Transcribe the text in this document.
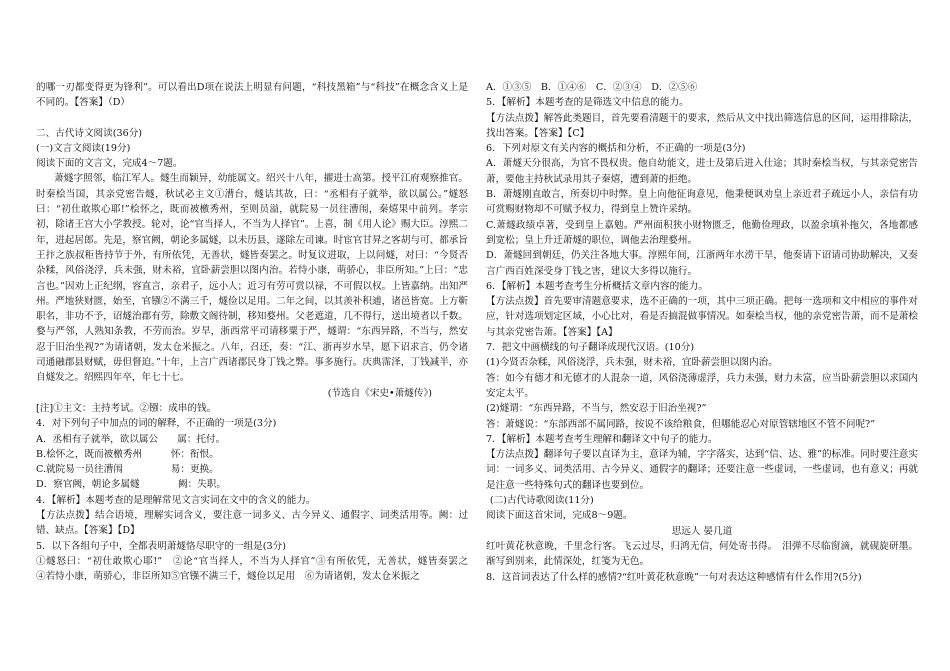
的哪一刃都变得更为锋利”。可以看出D项在说法上明显有问题，“科技黑箱”与“科技”在概念含义上是不同的。【答案】（D）

二、古代诗文阅读(36分)

(一)文言文阅读(19分)

阅读下面的文言文，完成4～7题。

萧燧字照邻，临江军人。燧生而颖异，幼能属文。绍兴十八年，擢进士高第。授平江府观察推官。时秦桧当国，其亲党密告燧，秋试必主文①漕台，燧诘其故，曰：“丞相有子就举，欲以属公。”燧怒曰：“初仕敢欺心耶!”桧怀之，既而被檄秀州，至则员溢，就院易一员往漕闱，秦熺果中前列。孝宗初，除诸王宫大小学教授。轮对，论“官当择人，不当为人择官”。上喜，制《用人论》赐大臣。淳熙二年，进起居郎。先是，察官阙，朝论多属燧，以未历县，遂除左司谏。时宦官甘昇之客胡与可、都承旨王抃之族叔秬皆持节于外，有所依凭，无善状，燧皆奏罢之。时复议进取，上以问燧，对曰：“今贤否杂糅，风俗浇浮，兵未强，财未裕，宜卧薪尝胆以图内治。若恃小康，萌骄心，非臣所知。”上曰：“忠言也。”因劝上正纪纲，容直言，亲君子，远小人；近习有劳可赏以禄，不可假以权。上皆嘉纳。出知严州。严地狭财匮，始至，官镪②不满三千，燧俭以足用。二年之间，以其羡补积逋，诸邑皆宽。上方靳职名，非功不予，诏燧治郡有劳，除敷文阁待制，移知婺州。父老遮道，几不得行，送出境者以千数。婺与严邻，人熟知条教，不劳而治。岁旱，浙西常平司请移粟于严，燧谓：“东西异路，不当与，然安忍于旧治坐视?”为请诸朝，发太仓米振之。八年，召还，奏：“江、浙再岁水旱，愿下诏求言，仍令诸司通融郡县财赋，毋但督迫。”十年，上言广西诸郡民身丁钱之弊。事多施行。庆典霈泽，丁钱减半，亦自燧发之。绍熙四年卒，年七十七。

(节选自《宋史•萧燧传》)

[注]①主文：主持考试。②镪：成串的钱。

4．对下列句子中加点的词的解释，不正确的一项是(3分)

A．丞相有子就举，欲以属公　　属：托付。

B.桧怀之，既而被檄秀州　　　怀：衔恨。

C.就院易一员往漕闱　　　　　易：更换。

D．察官阙，朝论多属燧　　　　阙：失职。

4．【解析】本题考查的是理解常见文言实词在文中的含义的能力。

【方法点拨】结合语境，理解实词含义，要注意一词多义、古今异义、通假字、词类活用等。阙：过错、缺点。【答案】【D】

5．以下各组句子中，全都表明萧燧恪尽职守的一组是(3分)

①燧怒曰：“初仕敢欺心耶!”　②论“官当择人，不当为人择官”③有所依凭，无善状，燧皆奏罢之　　④若恃小康，萌骄心，非臣所知⑤官镪不满三千，燧俭以足用　⑥为请诸朝，发太仓米振之

A．①③⑤　B．①④⑥　C．②③④　D．②⑤⑥

5．【解析】本题考查的是筛选文中信息的能力。

【方法点拨】解答此类题目，首先要看清题干的要求，然后从文中找出筛选信息的区间，运用排除法，找出答案。【答案】【C】

6．下列对原文有关内容的概括和分析，不正确的一项是(3分)

A．萧燧天分很高，为官不畏权贵。他自幼能文，进士及第后进入仕途；其时秦桧当权，与其亲党密告萧，要他主持秋试录用其子秦熺，遭到萧的拒绝。

B．萧燧刚直敢言，所奏切中时弊。皇上向他征询意见，他秉便讽劝皇上亲近君子疏远小人，亲信有功可赏赐财物却不可赋予权力，得到皇上赞许采纳。

C.萧燧政绩卓著，受到皇上嘉勉。严州面积狭小财物匮乏，他勤俭理政，以盈余填补拖欠，各地都感到宽松；皇上升迁萧燧的职位，调他去治理婺州。

D．萧燧回到朝廷，仍关注各地大事。淳熙年间，江浙两年水涝干旱，他奏请下诏请司协助解决，又奏言广西百姓深受身丁钱之害，建议大多得以施行。

6．【解析】本题考查考生分析概括文章内容的能力。

【方法点拨】首先要审清题意要求，选不正确的一项，其中三项正确。把每一选项和文中相应的事件对应，针对选项划定区域，小心比对，看是否搞混做事情况。如秦桧当权，他的亲党密告萧，而不是萧桧与其亲党密告萧。【答案】【A】

7．把文中画横线的句子翻译成现代汉语。(10分)

(1)今贤否杂糅，风俗浇浮，兵未强，财未裕，宜卧薪尝胆以图内治。

答：如今有德才和无德才的人混杂一道，风俗浇薄虚浮，兵力未强，财力未富，应当卧薪尝胆以求国内安定太平。

(2)燧谓：“东西异路，不当与，然安忍于旧治坐视?”

答：萧燧说：“东部西部不属同路，按说不该给粮食，但哪能忍心对原管辖地区不管不问呢?”

7．【解析】本题考查考生理解和翻译文中句子的能力。

【方法点拨】翻译句子要以直译为主，意译为辅，字字落实，达到“信、达、雅”的标准。同时要注意实词：一词多义、词类活用、古今异义、通假字的翻译；还要注意一些虚词，一些虚词，也有意义；再就是注意一些特殊句式的翻译也要到位。

(二)古代诗歌阅读(11分)

阅读下面这首宋词，完成8～9题。

思远人 晏几道

红叶黄花秋意晚，千里念行客。飞云过尽，归鸿无信，何处寄书得。　泪弹不尽临窗滴，就砚旋研墨。渐写到别来，此情深处，红笺为无色。

8．这首词表达了什么样的感情?“红叶黄花秋意晚”一句对表达这种感情有什么作用?(5分)
